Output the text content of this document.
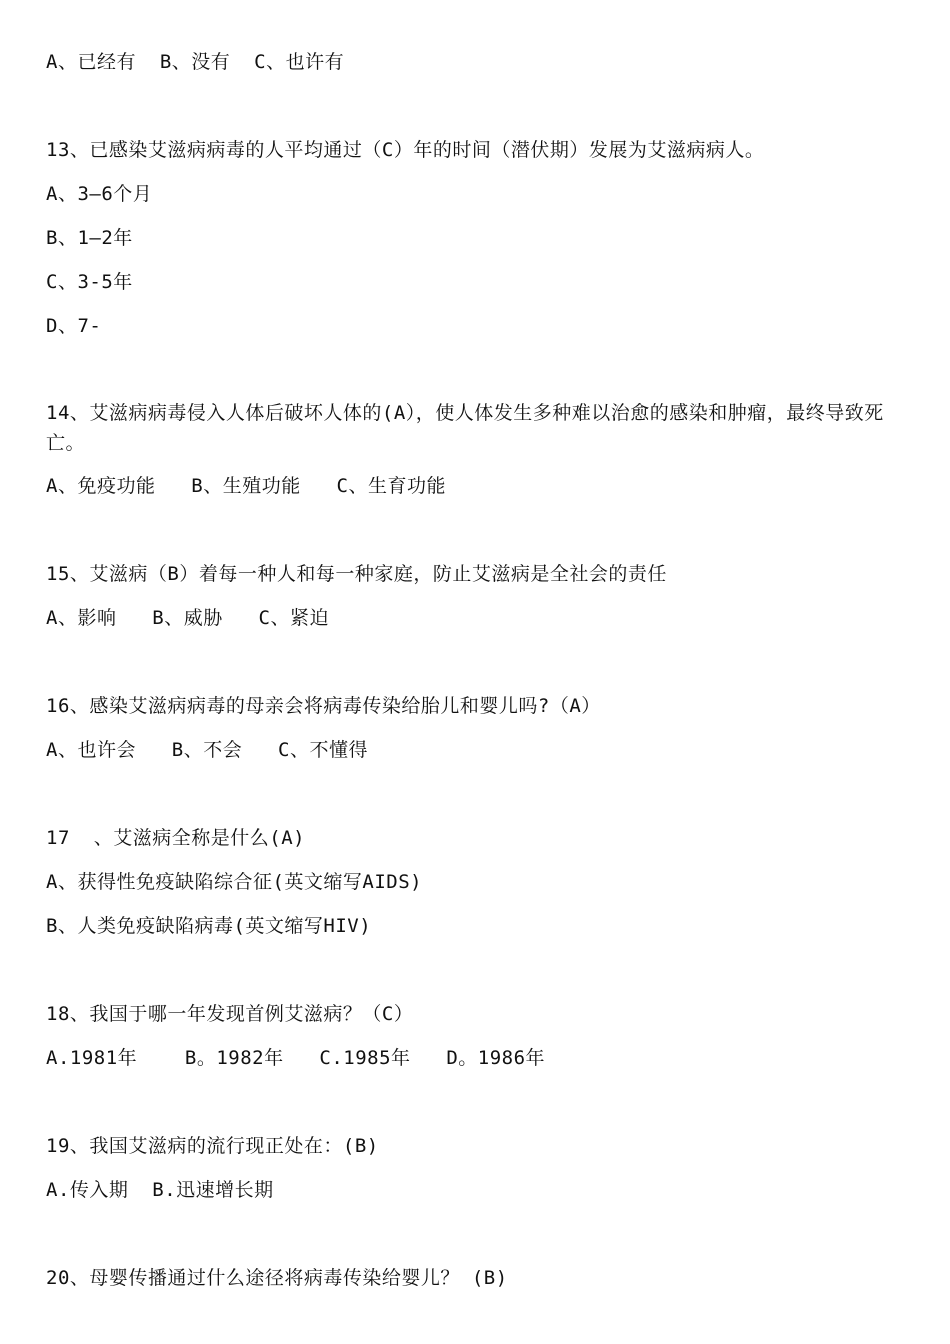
A、已经有  B、没有  C、也许有
13、已感染艾滋病病毒的人平均通过（C）年的时间（潜伏期）发展为艾滋病病人。
A、3—6个月
B、1—2年
C、3-5年
D、7-
14、艾滋病病毒侵入人体后破坏人体的(A），使人体发生多种难以治愈的感染和肿瘤，最终导致死亡。
A、免疫功能   B、生殖功能   C、生育功能
15、艾滋病（B）着每一种人和每一种家庭，防止艾滋病是全社会的责任
A、影响   B、威胁   C、紧迫
16、感染艾滋病病毒的母亲会将病毒传染给胎儿和婴儿吗?（A）
A、也许会   B、不会   C、不懂得
17  、艾滋病全称是什么(A)
A、获得性免疫缺陷综合征(英文缩写AIDS)
B、人类免疫缺陷病毒(英文缩写HIV)
18、我国于哪一年发现首例艾滋病？（C）
A.1981年    B。1982年   C.1985年   D。1986年
19、我国艾滋病的流行现正处在：(B)
A.传入期  B.迅速增长期
20、母婴传播通过什么途径将病毒传染给婴儿？ (B)
